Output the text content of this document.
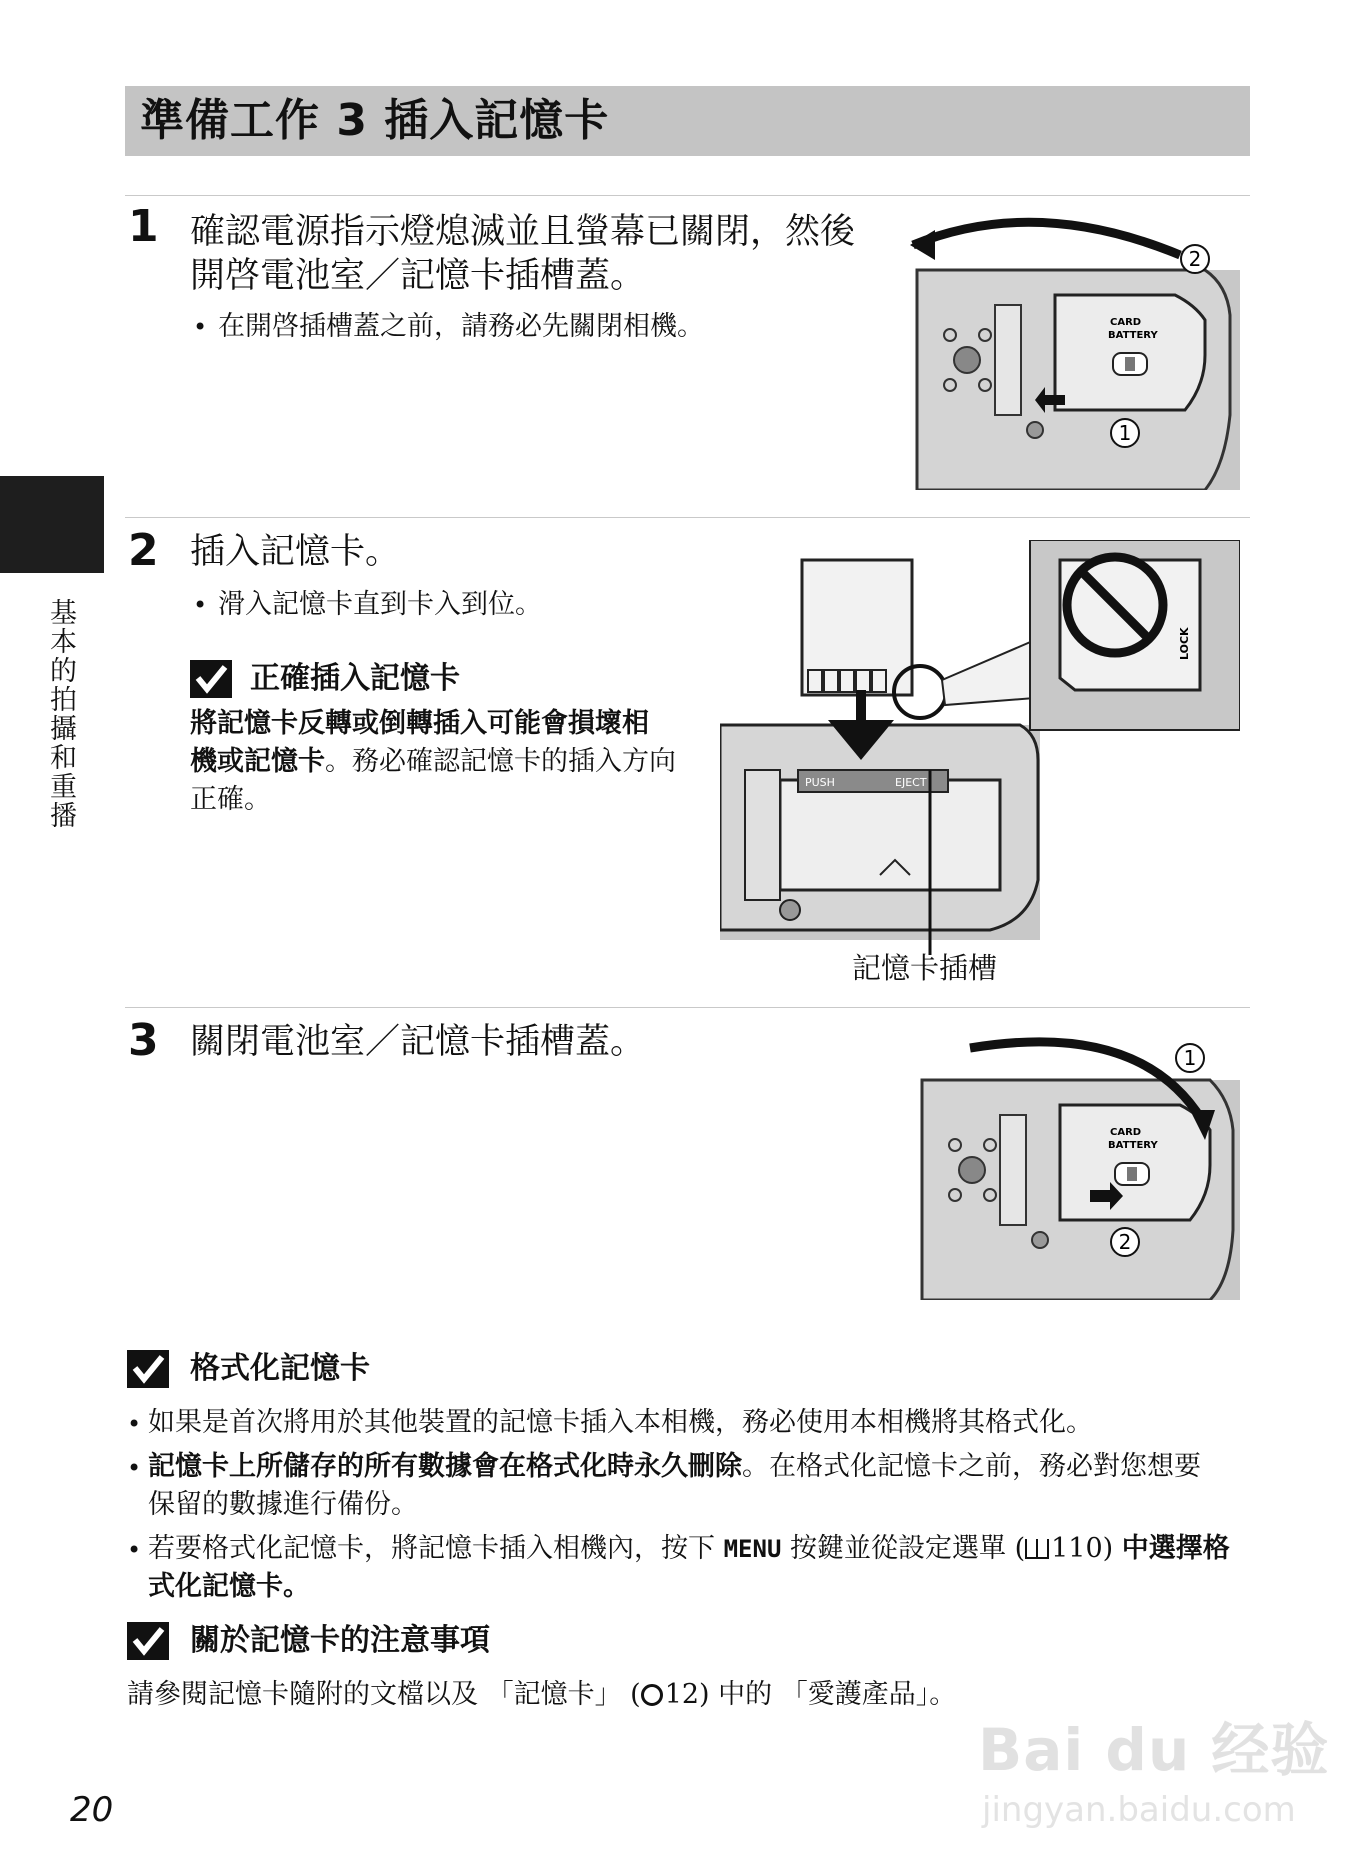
準備工作 3 插入記憶卡
基本的拍攝和重播
1 確認電源指示燈熄滅並且螢幕已關閉，然後
開啓電池室／記憶卡插槽蓋。
• 在開啓插槽蓋之前，請務必先關閉相機。	CARD
BATTERY
2
1
2 插入記憶卡。
• 滑入記憶卡直到卡入到位。
正確插入記憶卡
將記憶卡反轉或倒轉插入可能會損壞相
機或記憶卡。務必確認記憶卡的插入方向
正確。
PUSH	EJECT
LOCK
記憶卡插槽
3 關閉電池室／記憶卡插槽蓋。
CARD
BATTERY
1
2
格式化記憶卡
• 如果是首次將用於其他裝置的記憶卡插入本相機，務必使用本相機將其格式化。
• 記憶卡上所儲存的所有數據會在格式化時永久刪除。在格式化記憶卡之前，務必對您想要
保留的數據進行備份。
• 若要格式化記憶卡，將記憶卡插入相機內，按下 MENU 按鍵並從設定選單 ( 110) 中選擇格
式化記憶卡。
關於記憶卡的注意事項
請參閱記憶卡隨附的文檔以及 「記憶卡」 ( 12) 中的 「愛護產品」。
20
Bai du 经验
jingyan.baidu.com
